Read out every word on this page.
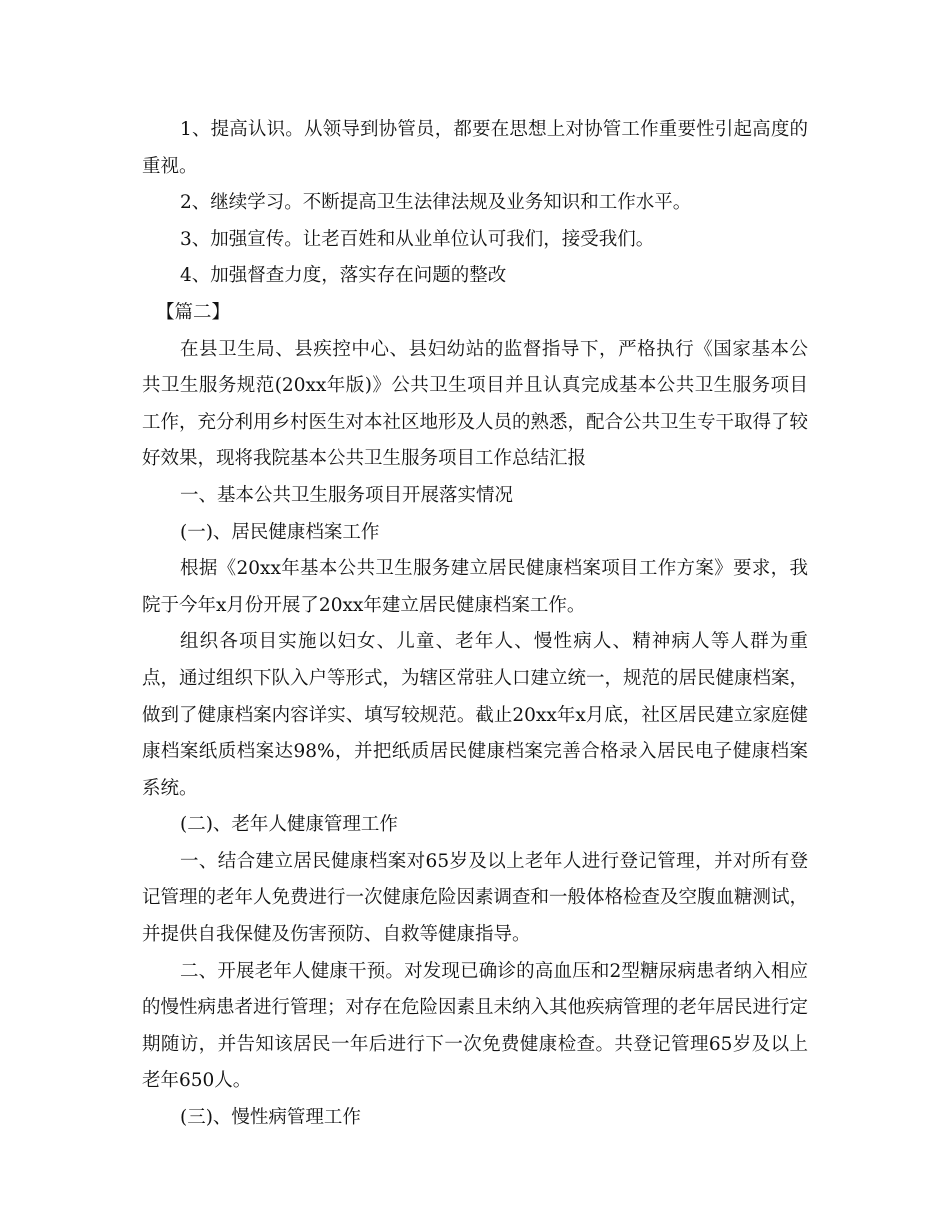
1、提高认识。从领导到协管员，都要在思想上对协管工作重要性引起高度的重视。

2、继续学习。不断提高卫生法律法规及业务知识和工作水平。

3、加强宣传。让老百姓和从业单位认可我们，接受我们。

4、加强督查力度，落实存在问题的整改

【篇二】

在县卫生局、县疾控中心、县妇幼站的监督指导下，严格执行《国家基本公共卫生服务规范(20xx年版)》公共卫生项目并且认真完成基本公共卫生服务项目工作，充分利用乡村医生对本社区地形及人员的熟悉，配合公共卫生专干取得了较好效果，现将我院基本公共卫生服务项目工作总结汇报

一、基本公共卫生服务项目开展落实情况

(一)、居民健康档案工作

根据《20xx年基本公共卫生服务建立居民健康档案项目工作方案》要求，我院于今年x月份开展了20xx年建立居民健康档案工作。

组织各项目实施以妇女、儿童、老年人、慢性病人、精神病人等人群为重点，通过组织下队入户等形式，为辖区常驻人口建立统一，规范的居民健康档案，做到了健康档案内容详实、填写较规范。截止20xx年x月底，社区居民建立家庭健康档案纸质档案达98%，并把纸质居民健康档案完善合格录入居民电子健康档案系统。

(二)、老年人健康管理工作

一、结合建立居民健康档案对65岁及以上老年人进行登记管理，并对所有登记管理的老年人免费进行一次健康危险因素调查和一般体格检查及空腹血糖测试，并提供自我保健及伤害预防、自救等健康指导。

二、开展老年人健康干预。对发现已确诊的高血压和2型糖尿病患者纳入相应的慢性病患者进行管理；对存在危险因素且未纳入其他疾病管理的老年居民进行定期随访，并告知该居民一年后进行下一次免费健康检查。共登记管理65岁及以上老年650人。

(三)、慢性病管理工作
